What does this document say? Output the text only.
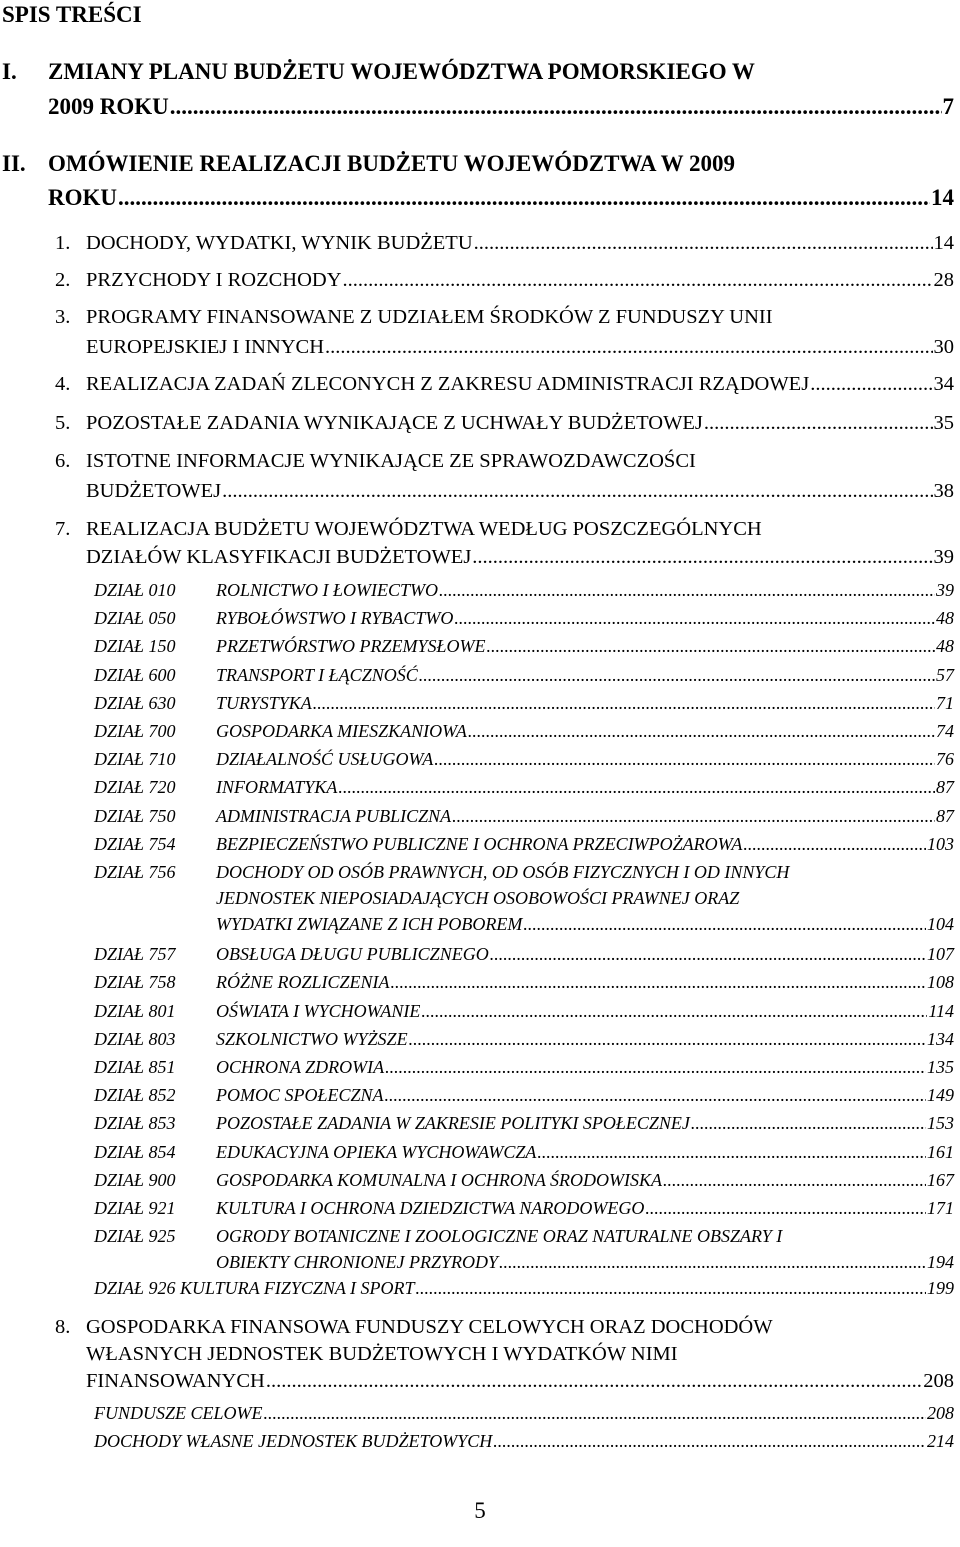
SPIS TREŚCI
I. ZMIANY PLANU BUDŻETU WOJEWÓDZTWA POMORSKIEGO W
2009 ROKU .....	7
II. OMÓWIENIE REALIZACJI BUDŻETU WOJEWÓDZTWA W 2009
ROKU .....	14
1. DOCHODY, WYDATKI, WYNIK BUDŻETU .....	14
2. PRZYCHODY I ROZCHODY .....	28
3. PROGRAMY FINANSOWANE Z UDZIAŁEM ŚRODKÓW Z FUNDUSZY UNII
EUROPEJSKIEJ I INNYCH .....	30
4. REALIZACJA ZADAŃ ZLECONYCH Z ZAKRESU ADMINISTRACJI RZĄDOWEJ .....	34
5. POZOSTAŁE ZADANIA WYNIKAJĄCE Z UCHWAŁY BUDŻETOWEJ .....	35
6. ISTOTNE INFORMACJE WYNIKAJĄCE ZE SPRAWOZDAWCZOŚCI
BUDŻETOWEJ .....	38
7. REALIZACJA BUDŻETU WOJEWÓDZTWA WEDŁUG POSZCZEGÓLNYCH
DZIAŁÓW KLASYFIKACJI BUDŻETOWEJ .....	39
DZIAŁ 010 ROLNICTWO I ŁOWIECTWO .....	39
DZIAŁ 050 RYBOŁÓWSTWO I RYBACTWO .....	48
DZIAŁ 150 PRZETWÓRSTWO PRZEMYSŁOWE .....	48
DZIAŁ 600 TRANSPORT I ŁĄCZNOŚĆ .....	57
DZIAŁ 630 TURYSTYKA .....	71
DZIAŁ 700 GOSPODARKA MIESZKANIOWA .....	74
DZIAŁ 710 DZIAŁALNOŚĆ USŁUGOWA .....	76
DZIAŁ 720 INFORMATYKA .....	87
DZIAŁ 750 ADMINISTRACJA PUBLICZNA .....	87
DZIAŁ 754 BEZPIECZEŃSTWO PUBLICZNE I OCHRONA PRZECIWPOŻAROWA .....	103
DZIAŁ 756 DOCHODY OD OSÓB PRAWNYCH, OD OSÓB FIZYCZNYCH I OD INNYCH
JEDNOSTEK NIEPOSIADAJĄCYCH OSOBOWOŚCI PRAWNEJ ORAZ
WYDATKI ZWIĄZANE Z ICH POBOREM .....	104
DZIAŁ 757 OBSŁUGA DŁUGU PUBLICZNEGO .....	107
DZIAŁ 758 RÓŻNE ROZLICZENIA .....	108
DZIAŁ 801 OŚWIATA I WYCHOWANIE .....	114
DZIAŁ 803 SZKOLNICTWO WYŻSZE .....	134
DZIAŁ 851 OCHRONA ZDROWIA .....	135
DZIAŁ 852 POMOC SPOŁECZNA .....	149
DZIAŁ 853 POZOSTAŁE ZADANIA W ZAKRESIE POLITYKI SPOŁECZNEJ .....	153
DZIAŁ 854 EDUKACYJNA OPIEKA WYCHOWAWCZA .....	161
DZIAŁ 900 GOSPODARKA KOMUNALNA I OCHRONA ŚRODOWISKA .....	167
DZIAŁ 921 KULTURA I OCHRONA DZIEDZICTWA NARODOWEGO .....	171
DZIAŁ 925 OGRODY BOTANICZNE I ZOOLOGICZNE ORAZ NATURALNE OBSZARY I
OBIEKTY CHRONIONEJ PRZYRODY .....	194
DZIAŁ 926 KULTURA FIZYCZNA I SPORT .....	199
8. GOSPODARKA FINANSOWA FUNDUSZY CELOWYCH ORAZ DOCHODÓW
WŁASNYCH JEDNOSTEK BUDŻETOWYCH I WYDATKÓW NIMI
FINANSOWANYCH .....	208
FUNDUSZE CELOWE .....	208
DOCHODY WŁASNE JEDNOSTEK BUDŻETOWYCH .....	214
5
